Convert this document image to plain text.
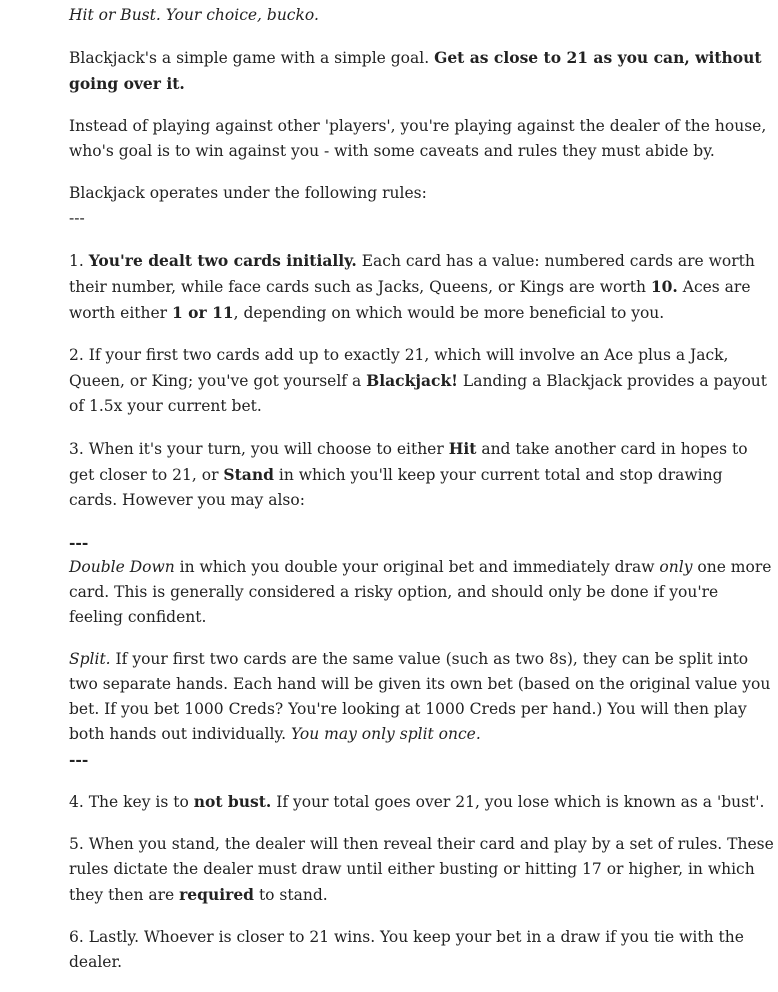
Hit or Bust. Your choice, bucko.

Blackjack's a simple game with a simple goal. Get as close to 21 as you can, without going over it.

Instead of playing against other 'players', you're playing against the dealer of the house, who's goal is to win against you - with some caveats and rules they must abide by.

Blackjack operates under the following rules:
---

1. You're dealt two cards initially. Each card has a value: numbered cards are worth their number, while face cards such as Jacks, Queens, or Kings are worth 10. Aces are worth either 1 or 11, depending on which would be more beneficial to you.

2. If your first two cards add up to exactly 21, which will involve an Ace plus a Jack, Queen, or King; you've got yourself a Blackjack! Landing a Blackjack provides a payout of 1.5x your current bet.

3. When it's your turn, you will choose to either Hit and take another card in hopes to get closer to 21, or Stand in which you'll keep your current total and stop drawing cards. However you may also:

---
Double Down in which you double your original bet and immediately draw only one more card. This is generally considered a risky option, and should only be done if you're feeling confident.

Split. If your first two cards are the same value (such as two 8s), they can be split into two separate hands. Each hand will be given its own bet (based on the original value you bet. If you bet 1000 Creds? You're looking at 1000 Creds per hand.) You will then play both hands out individually. You may only split once.
---

4. The key is to not bust. If your total goes over 21, you lose which is known as a 'bust'.

5. When you stand, the dealer will then reveal their card and play by a set of rules. These rules dictate the dealer must draw until either busting or hitting 17 or higher, in which they then are required to stand.

6. Lastly. Whoever is closer to 21 wins. You keep your bet in a draw if you tie with the dealer.
